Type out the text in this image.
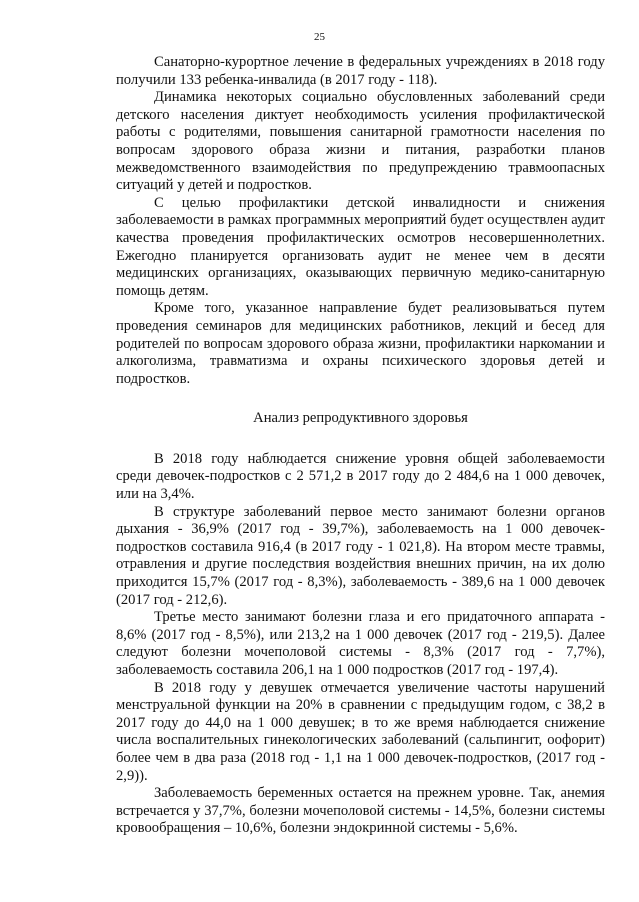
25

Санаторно-курортное лечение в федеральных учреждениях в 2018 году получили 133 ребенка-инвалида (в 2017 году - 118).

Динамика некоторых социально обусловленных заболеваний среди детского населения диктует необходимость усиления профилактической работы с родителями, повышения санитарной грамотности населения по вопросам здорового образа жизни и питания, разработки планов межведомственного взаимодействия по предупреждению травмоопасных ситуаций у детей и подростков.

С целью профилактики детской инвалидности и снижения заболеваемости в рамках программных мероприятий будет осуществлен аудит качества проведения профилактических осмотров несовершеннолетних. Ежегодно планируется организовать аудит не менее чем в десяти медицинских организациях, оказывающих первичную медико-санитарную помощь детям.

Кроме того, указанное направление будет реализовываться путем проведения семинаров для медицинских работников, лекций и бесед для родителей по вопросам здорового образа жизни, профилактики наркомании и алкоголизма, травматизма и охраны психического здоровья детей и подростков.

Анализ репродуктивного здоровья

В 2018 году наблюдается снижение уровня общей заболеваемости среди девочек-подростков с 2 571,2 в 2017 году до 2 484,6 на 1 000 девочек, или на 3,4%.

В структуре заболеваний первое место занимают болезни органов дыхания - 36,9% (2017 год - 39,7%), заболеваемость на 1 000 девочек-подростков составила 916,4 (в 2017 году - 1 021,8). На втором месте травмы, отравления и другие последствия воздействия внешних причин, на их долю приходится 15,7% (2017 год - 8,3%), заболеваемость - 389,6 на 1 000 девочек (2017 год - 212,6).

Третье место занимают болезни глаза и его придаточного аппарата - 8,6% (2017 год - 8,5%), или 213,2 на 1 000 девочек (2017 год - 219,5). Далее следуют болезни мочеполовой системы - 8,3% (2017 год - 7,7%), заболеваемость составила 206,1 на 1 000 подростков (2017 год - 197,4).

В 2018 году у девушек отмечается увеличение частоты нарушений менструальной функции на 20% в сравнении с предыдущим годом, с 38,2 в 2017 году до 44,0 на 1 000 девушек; в то же время наблюдается снижение числа воспалительных гинекологических заболеваний (сальпингит, оофорит) более чем в два раза (2018 год - 1,1 на 1 000 девочек-подростков, (2017 год - 2,9)).

Заболеваемость беременных остается на прежнем уровне. Так, анемия встречается у 37,7%, болезни мочеполовой системы - 14,5%, болезни системы кровообращения – 10,6%, болезни эндокринной системы - 5,6%.
